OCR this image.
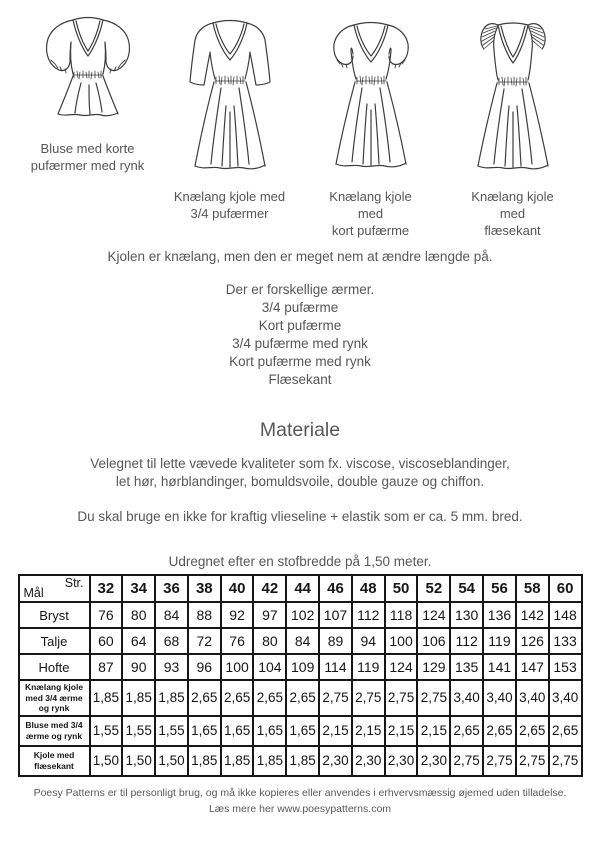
Bluse med korte
pufærmer med rynk
Knælang kjole med
3/4 pufærmer
Knælang kjole med
kort pufærme
Knælang kjole med
flæsekant

Kjolen er knælang, men den er meget nem at ændre længde på.

Der er forskellige ærmer.

3/4 pufærme

Kort pufærme

3/4 pufærme med rynk

Kort pufærme med rynk

Flæsekant

Materiale

Velegnet til lette vævede kvaliteter som fx. viscose, viscoseblandinger,
let hør, hørblandinger, bomuldsvoile, double gauze og chiffon.

Du skal bruge en ikke for kraftig vlieseline + elastik som er ca. 5 mm. bred.

Udregnet efter en stofbredde på 1,50 meter.

Str.
Mål	32	34	36	38	40	42	44	46	48	50	52	54	56	58	60
Bryst	76	80	84	88	92	97	102	107	112	118	124	130	136	142	148
Talje	60	64	68	72	76	80	84	89	94	100	106	112	119	126	133
Hofte	87	90	93	96	100	104	109	114	119	124	129	135	141	147	153
Knælang kjole med 3/4 ærme og rynk	1,85	1,85	1,85	2,65	2,65	2,65	2,65	2,75	2,75	2,75	2,75	3,40	3,40	3,40	3,40
Bluse med 3/4 ærme og rynk	1,55	1,55	1,55	1,65	1,65	1,65	1,65	2,15	2,15	2,15	2,15	2,65	2,65	2,65	2,65
Kjole med flæsekant	1,50	1,50	1,50	1,85	1,85	1,85	1,85	2,30	2,30	2,30	2,30	2,75	2,75	2,75	2,75

Poesy Patterns er til personligt brug, og må ikke kopieres eller anvendes i erhvervsmæssig øjemed uden tilladelse.

Læs mere her www.poesypatterns.com
